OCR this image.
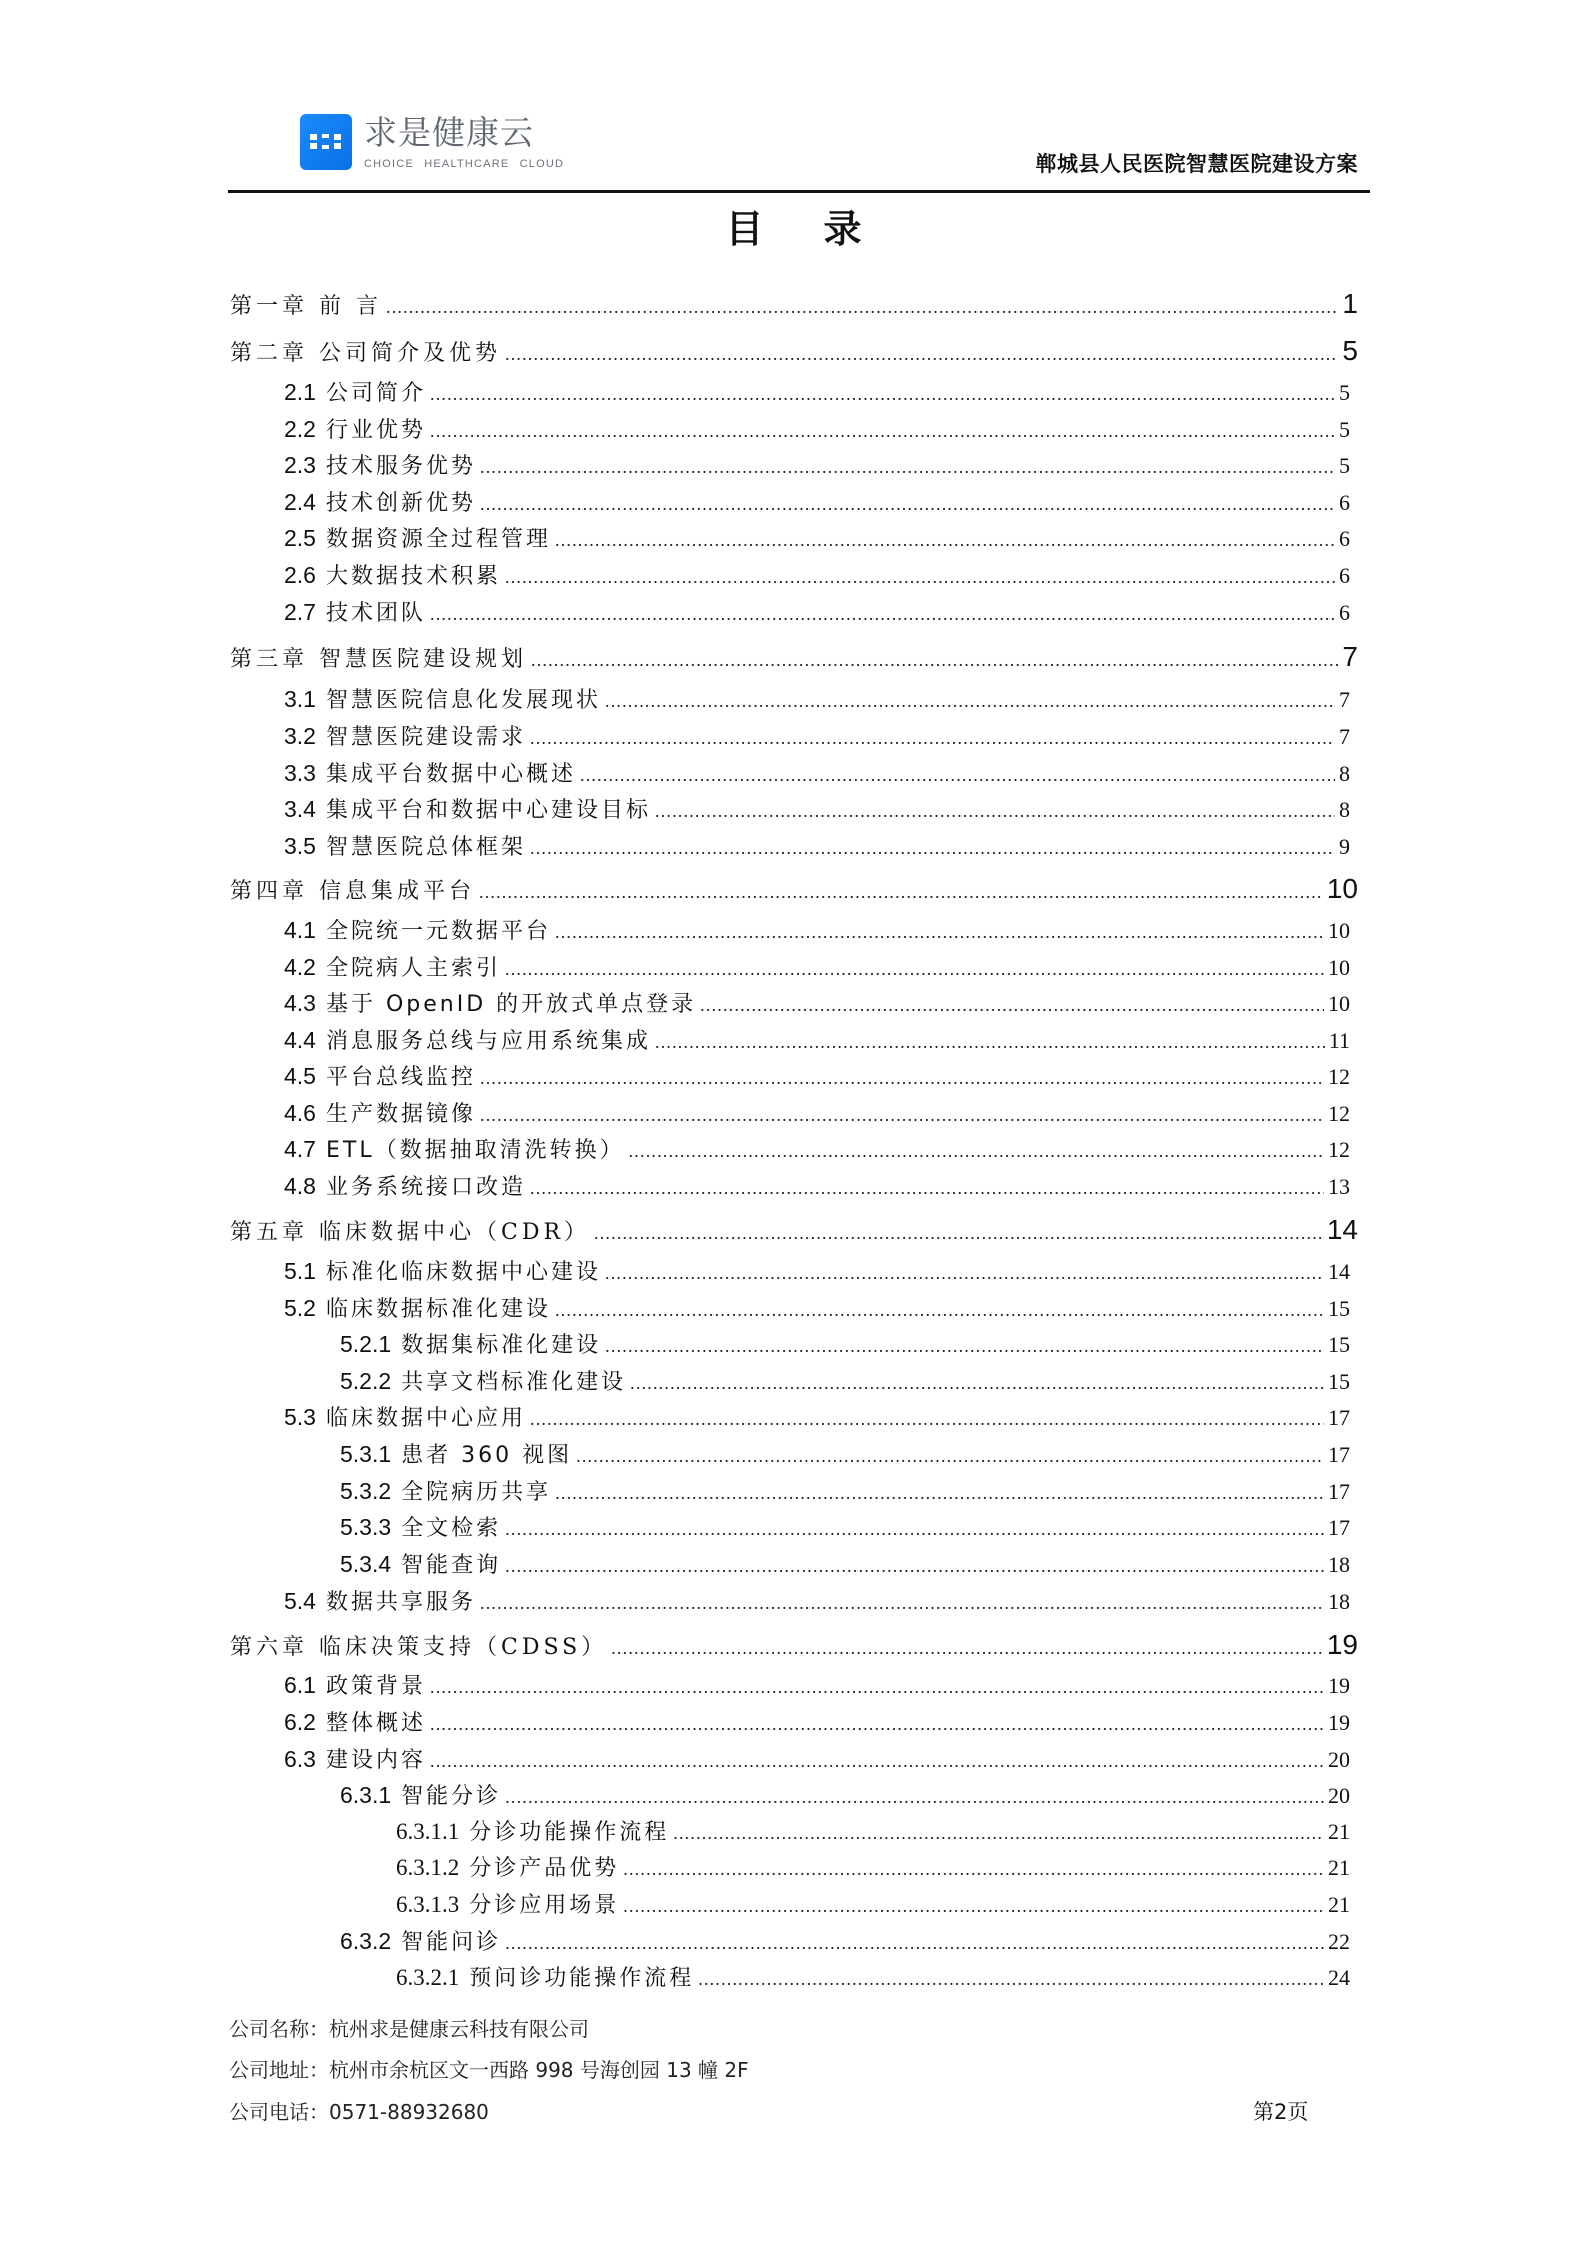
求是健康云
CHOICE HEALTHCARE CLOUD	郸城县人民医院智慧医院建设方案
目录
第一章 前 言 .....	1
第二章 公司简介及优势 .....	5
2.1 公司简介 .....	5
2.2 行业优势 .....	5
2.3 技术服务优势 .....	5
2.4 技术创新优势 .....	6
2.5 数据资源全过程管理 .....	6
2.6 大数据技术积累 .....	6
2.7 技术团队 .....	6
第三章 智慧医院建设规划 .....	7
3.1 智慧医院信息化发展现状 .....	7
3.2 智慧医院建设需求 .....	7
3.3 集成平台数据中心概述 .....	8
3.4 集成平台和数据中心建设目标 .....	8
3.5 智慧医院总体框架 .....	9
第四章 信息集成平台 .....	10
4.1 全院统一元数据平台 .....	10
4.2 全院病人主索引 .....	10
4.3 基于 OpenID 的开放式单点登录 .....	10
4.4 消息服务总线与应用系统集成 .....	11
4.5 平台总线监控 .....	12
4.6 生产数据镜像 .....	12
4.7 ETL（数据抽取清洗转换） .....	12
4.8 业务系统接口改造 .....	13
第五章 临床数据中心（CDR） .....	14
5.1 标准化临床数据中心建设 .....	14
5.2 临床数据标准化建设 .....	15
5.2.1 数据集标准化建设 .....	15
5.2.2 共享文档标准化建设 .....	15
5.3 临床数据中心应用 .....	17
5.3.1 患者 360 视图 .....	17
5.3.2 全院病历共享 .....	17
5.3.3 全文检索 .....	17
5.3.4 智能查询 .....	18
5.4 数据共享服务 .....	18
第六章 临床决策支持（CDSS） .....	19
6.1 政策背景 .....	19
6.2 整体概述 .....	19
6.3 建设内容 .....	20
6.3.1 智能分诊 .....	20
6.3.1.1 分诊功能操作流程 .....	21
6.3.1.2 分诊产品优势 .....	21
6.3.1.3 分诊应用场景 .....	21
6.3.2 智能问诊 .....	22
6.3.2.1 预问诊功能操作流程 .....	24
公司名称：杭州求是健康云科技有限公司
公司地址：杭州市余杭区文一西路 998 号海创园 13 幢 2F
公司电话：0571-88932680	第2页
